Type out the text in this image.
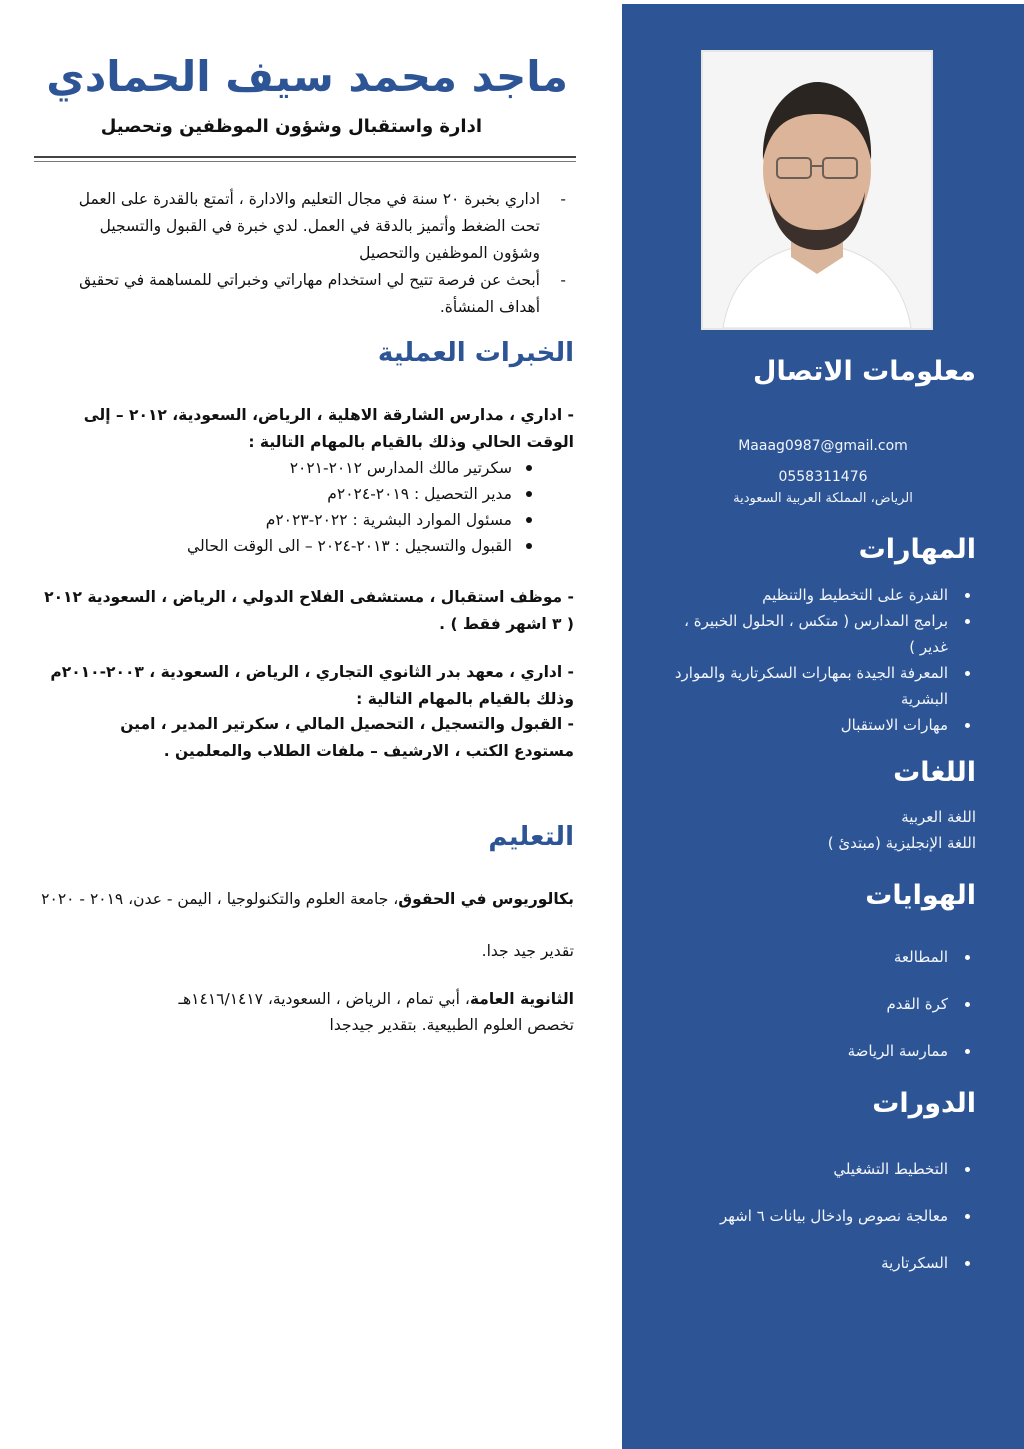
ماجد محمد سيف الحمادي
ادارة واستقبال وشؤون الموظفين وتحصيل
- اداري بخبرة ٢٠ سنة في مجال التعليم والادارة ، أتمتع بالقدرة على العمل تحت الضغط وأتميز بالدقة في العمل. لدي خبرة في القبول والتسجيل وشؤون الموظفين والتحصيل
- أبحث عن فرصة تتيح لي استخدام مهاراتي وخبراتي للمساهمة في تحقيق أهداف المنشأة.
الخبرات العملية

- اداري ، مدارس الشارقة الاهلية ، الرياض، السعودية، ٢٠١٢ – إلى الوقت الحالي وذلك بالقيام بالمهام التالية :

سكرتير مالك المدارس ٢٠١٢-٢٠٢١
مدير التحصيل : ٢٠١٩-٢٠٢٤م
مسئول الموارد البشرية : ٢٠٢٢-٢٠٢٣م
القبول والتسجيل : ٢٠١٣-٢٠٢٤ – الى الوقت الحالي

- موظف استقبال ، مستشفى الفلاح الدولي ، الرياض ، السعودية ٢٠١٢ ( ٣ اشهر فقط ) .

- اداري ، معهد بدر الثانوي التجاري ، الرياض ، السعودية ، ٢٠٠٣-٢٠١٠م وذلك بالقيام بالمهام التالية :

- القبول والتسجيل ، التحصيل المالي ، سكرتير المدير ، امين مستودع الكتب ، الارشيف – ملفات الطلاب والمعلمين .

التعليم

بكالوريوس في الحقوق، جامعة العلوم والتكنولوجيا ، اليمن - عدن، ٢٠١٩ - ٢٠٢٠

تقدير جيد جدا.

الثانوية العامة، أبي تمام ، الرياض ، السعودية، ١٤١٦/١٤١٧هـ

تخصص العلوم الطبيعية. بتقدير جيدجدا

معلومات الاتصال
Maaag0987@gmail.com
0558311476
الرياض، المملكة العربية السعودية
المهارات
القدرة على التخطيط والتنظيم
برامج المدارس ( متكس ، الحلول الخبيرة ، غدير )
المعرفة الجيدة بمهارات السكرتارية والموارد البشرية
مهارات الاستقبال
اللغات
اللغة العربية
اللغة الإنجليزية (مبتدئ )
الهوايات
المطالعة
كرة القدم
ممارسة الرياضة
الدورات
التخطيط التشغيلي
معالجة نصوص وادخال بيانات ٦ اشهر
السكرتارية
